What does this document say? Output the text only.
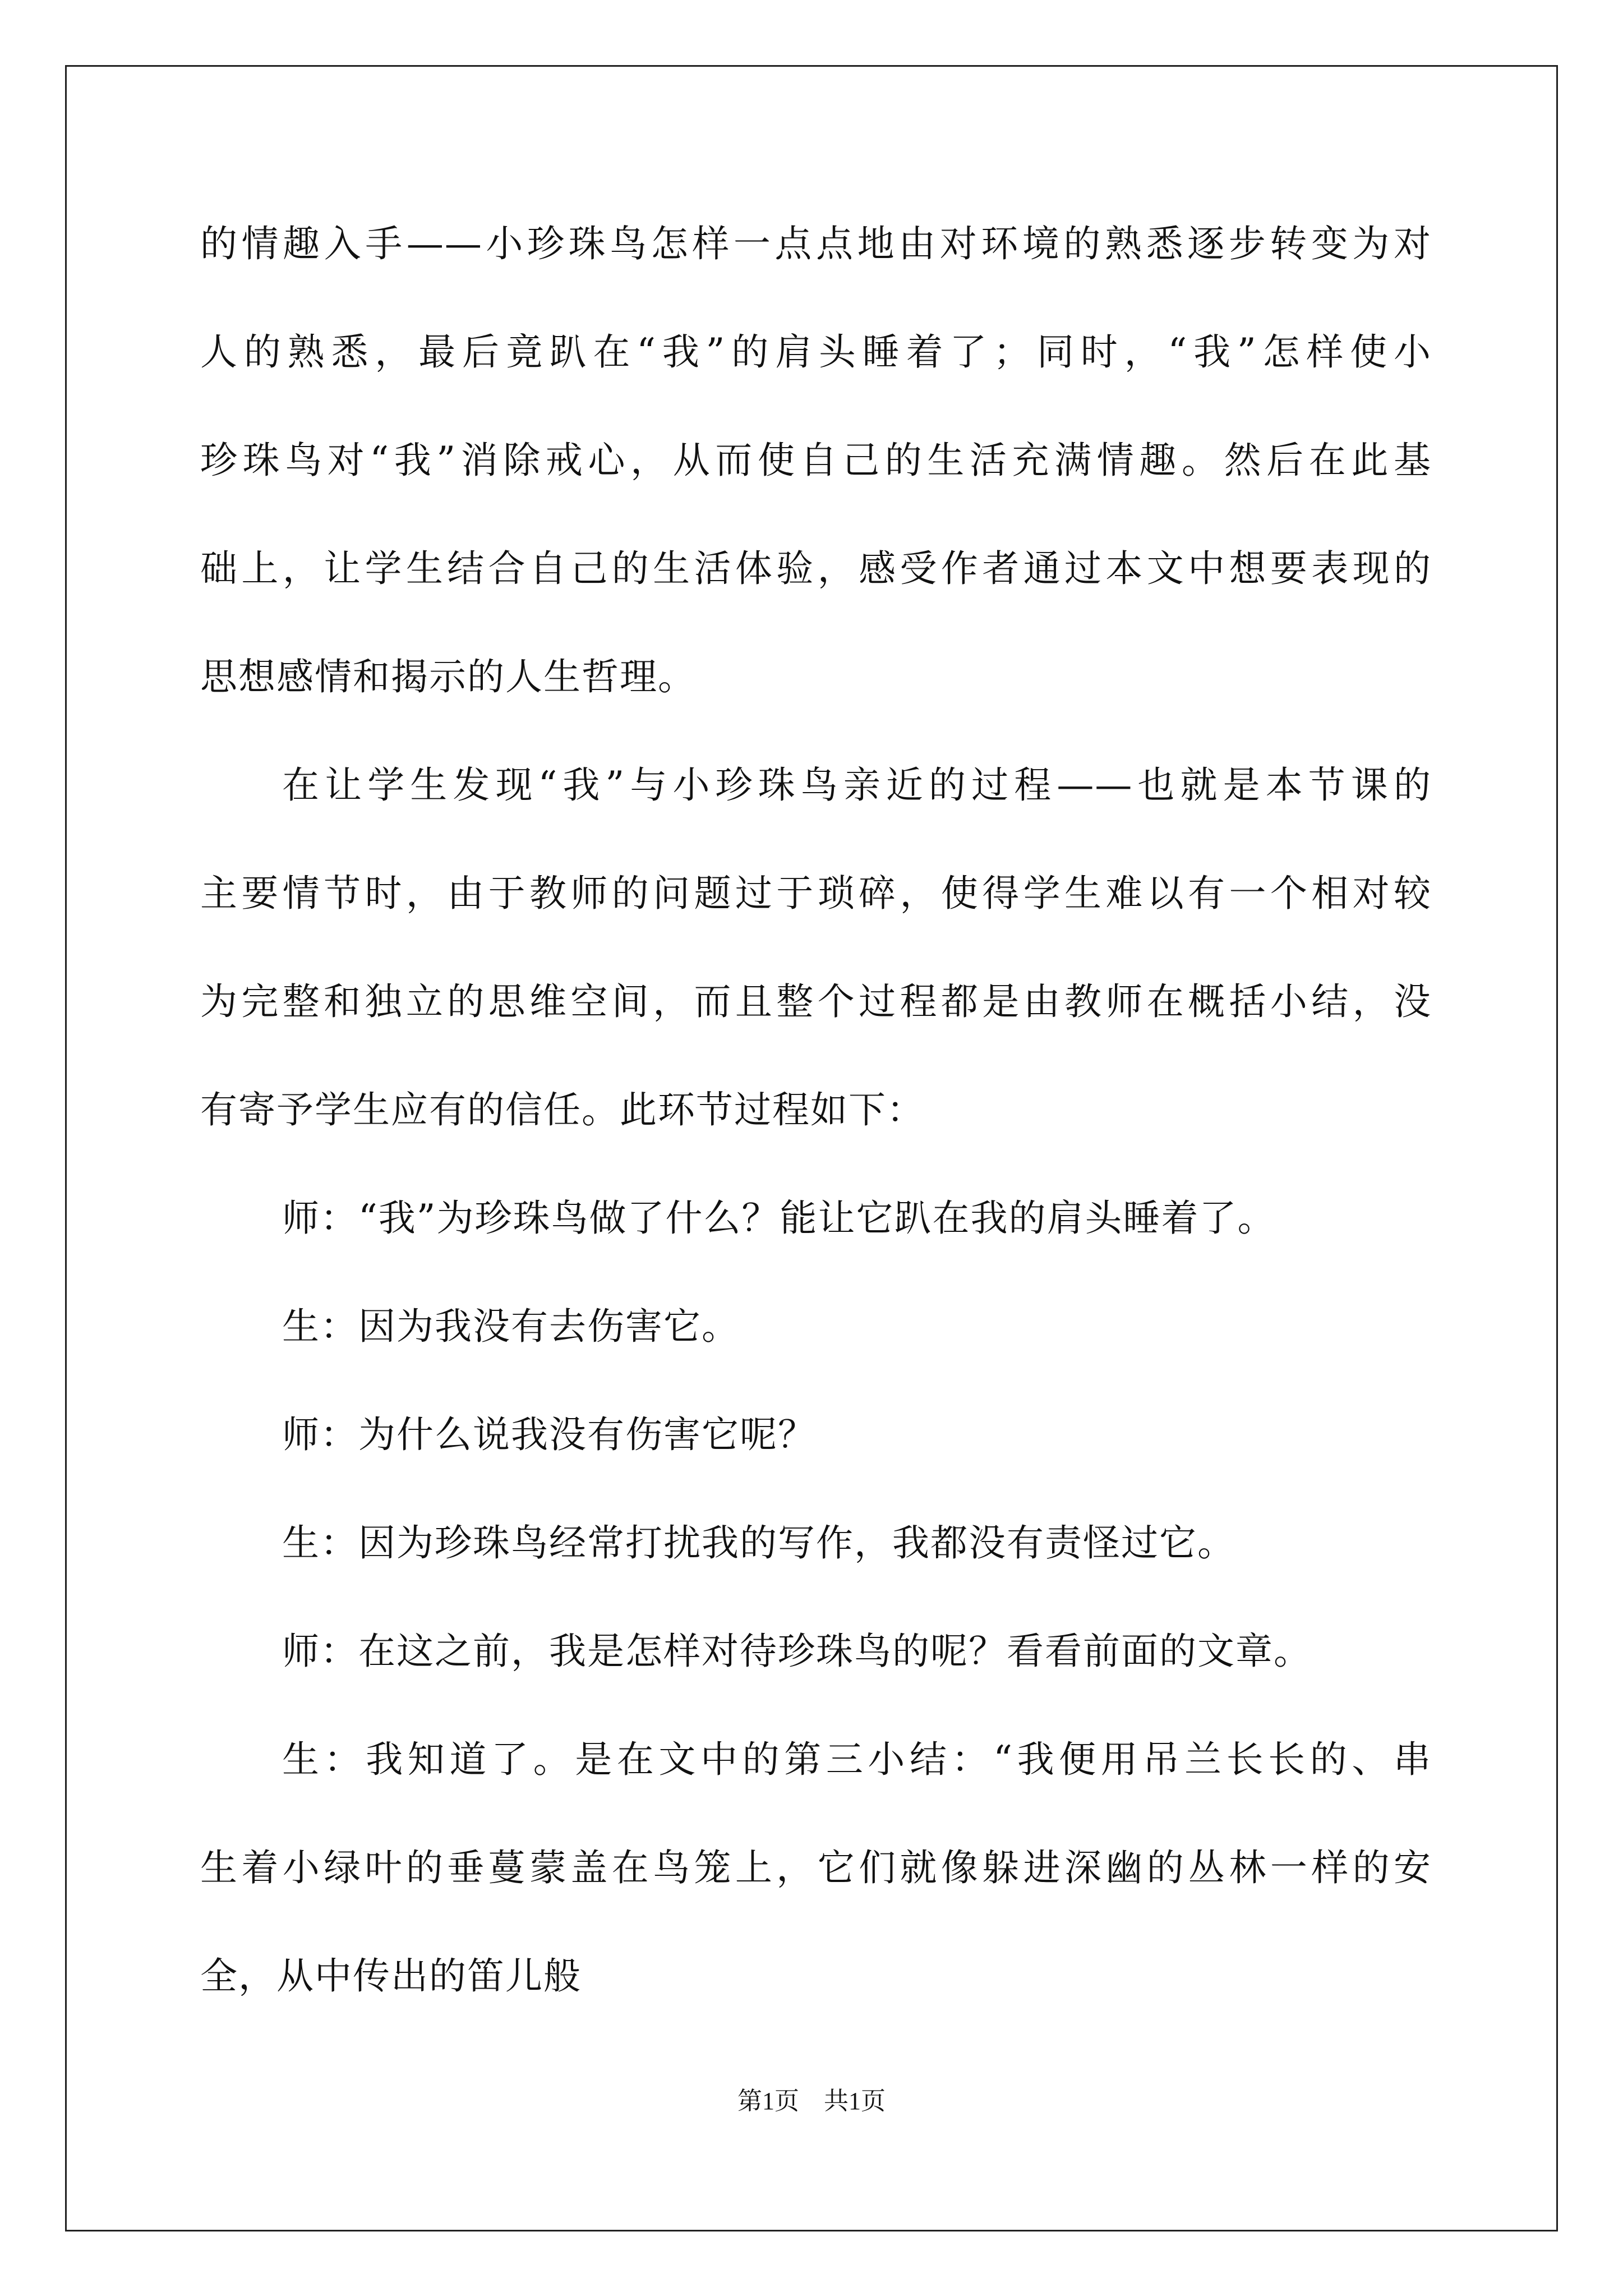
的情趣入手——小珍珠鸟怎样一点点地由对环境的熟悉逐步转变为对
人的熟悉，最后竟趴在“我”的肩头睡着了；同时，“我”怎样使小
珍珠鸟对“我”消除戒心，从而使自己的生活充满情趣。然后在此基
础上，让学生结合自己的生活体验，感受作者通过本文中想要表现的
思想感情和揭示的人生哲理。
在让学生发现“我”与小珍珠鸟亲近的过程——也就是本节课的
主要情节时，由于教师的问题过于琐碎，使得学生难以有一个相对较
为完整和独立的思维空间，而且整个过程都是由教师在概括小结，没
有寄予学生应有的信任。此环节过程如下：
师：“我”为珍珠鸟做了什么？能让它趴在我的肩头睡着了。
生：因为我没有去伤害它。
师：为什么说我没有伤害它呢？
生：因为珍珠鸟经常打扰我的写作，我都没有责怪过它。
师：在这之前，我是怎样对待珍珠鸟的呢？看看前面的文章。
生：我知道了。是在文中的第三小结：“我便用吊兰长长的、串
生着小绿叶的垂蔓蒙盖在鸟笼上，它们就像躲进深幽的丛林一样的安
全，从中传出的笛儿般
第1页　共1页
